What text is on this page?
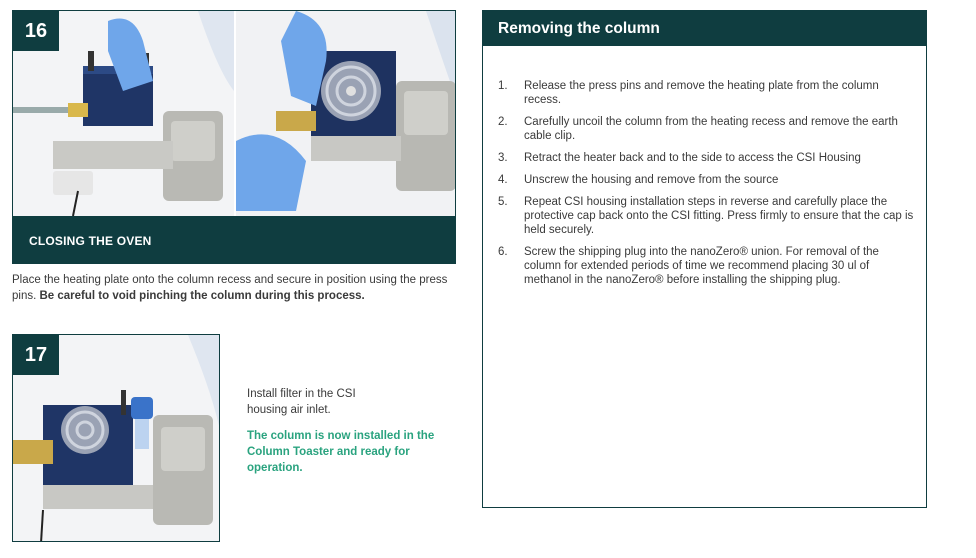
16
CLOSING THE OVEN
Place the heating plate onto the column recess and secure in position using the press pins. Be careful to void pinching the column during this process.
17
Install filter in the CSI housing air inlet.
The column is now installed in the Column Toaster and ready for operation.
Removing the column
1.	Release the press pins and remove the heating plate from the column recess.
2.	Carefully uncoil the column from the heating recess and remove the earth cable clip.
3.	Retract the heater back and to the side to access the CSI Housing
4.	Unscrew the housing and remove from the source
5.	Repeat CSI housing installation steps in reverse and carefully place the protective cap back onto the CSI fitting. Press firmly to ensure that the cap is held securely.
6.	Screw the shipping plug into the nanoZero® union. For removal of the column for extended periods of time we recommend placing 30 ul of methanol in the nanoZero® before installing the shipping plug.
